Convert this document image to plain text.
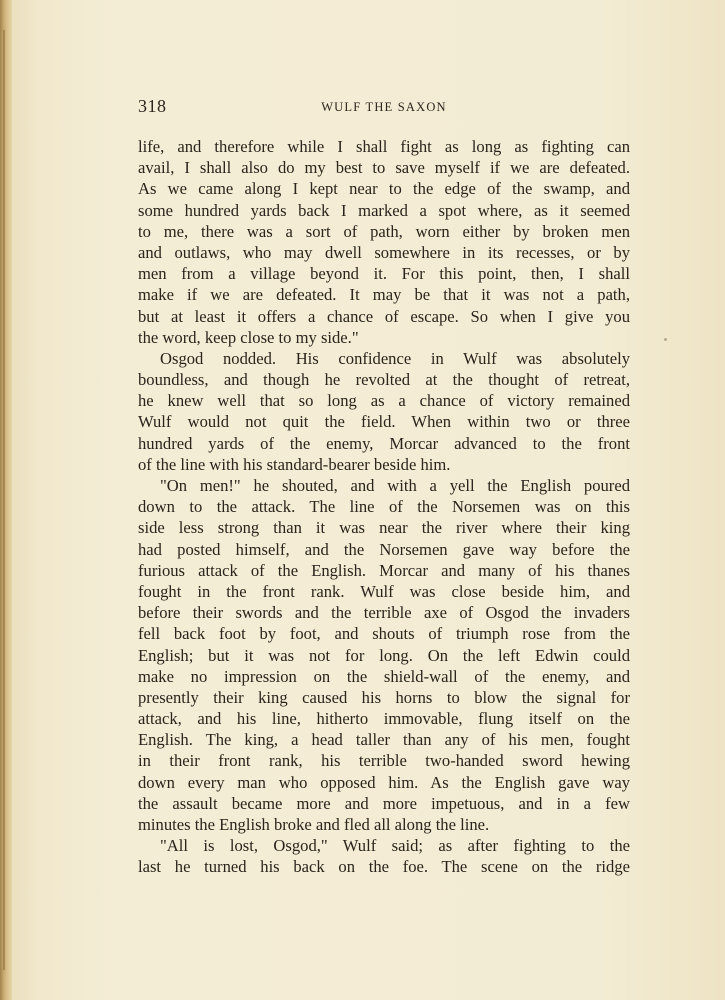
318	WULF THE SAXON
life, and therefore while I shall fight as long as fighting can
avail, I shall also do my best to save myself if we are defeated.
As we came along I kept near to the edge of the swamp, and
some hundred yards back I marked a spot where, as it seemed
to me, there was a sort of path, worn either by broken men
and outlaws, who may dwell somewhere in its recesses, or by
men from a village beyond it. For this point, then, I shall
make if we are defeated. It may be that it was not a path,
but at least it offers a chance of escape. So when I give you
the word, keep close to my side."
Osgod nodded. His confidence in Wulf was absolutely
boundless, and though he revolted at the thought of retreat,
he knew well that so long as a chance of victory remained
Wulf would not quit the field. When within two or three
hundred yards of the enemy, Morcar advanced to the front
of the line with his standard-bearer beside him.
"On men!" he shouted, and with a yell the English poured
down to the attack. The line of the Norsemen was on this
side less strong than it was near the river where their king
had posted himself, and the Norsemen gave way before the
furious attack of the English. Morcar and many of his thanes
fought in the front rank. Wulf was close beside him, and
before their swords and the terrible axe of Osgod the invaders
fell back foot by foot, and shouts of triumph rose from the
English; but it was not for long. On the left Edwin could
make no impression on the shield-wall of the enemy, and
presently their king caused his horns to blow the signal for
attack, and his line, hitherto immovable, flung itself on the
English. The king, a head taller than any of his men, fought
in their front rank, his terrible two-handed sword hewing
down every man who opposed him. As the English gave way
the assault became more and more impetuous, and in a few
minutes the English broke and fled all along the line.
"All is lost, Osgod," Wulf said; as after fighting to the
last he turned his back on the foe. The scene on the ridge
